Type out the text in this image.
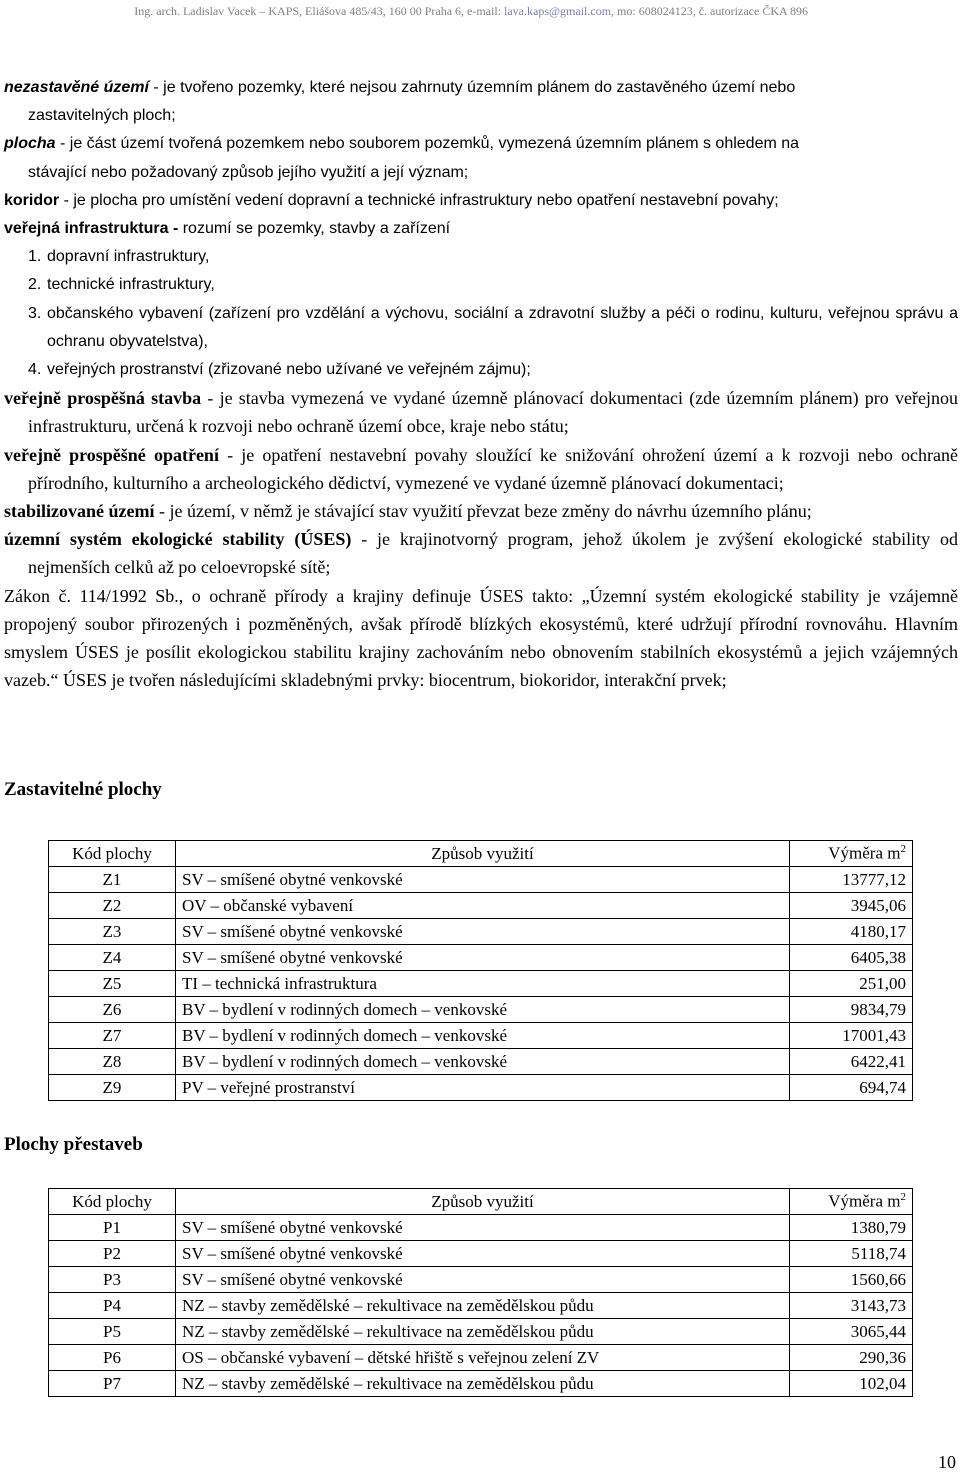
Ing. arch. Ladislav Vacek – KAPS, Eliášova 485/43, 160 00 Praha 6, e-mail: lava.kaps@gmail.com, mo: 608024123, č. autorizace ČKA 896

nezastavěné území - je tvořeno pozemky, které nejsou zahrnuty územním plánem do zastavěného území nebo

zastavitelných ploch;

plocha - je část území tvořená pozemkem nebo souborem pozemků, vymezená územním plánem s ohledem na

stávající nebo požadovaný způsob jejího využití a její význam;

koridor - je plocha pro umístění vedení dopravní a technické infrastruktury nebo opatření nestavební povahy;

veřejná infrastruktura - rozumí se pozemky, stavby a zařízení

1. dopravní infrastruktury,

2. technické infrastruktury,

3. občanského vybavení (zařízení pro vzdělání a výchovu, sociální a zdravotní služby a péči o rodinu, kulturu, veřejnou správu a ochranu obyvatelstva),

4. veřejných prostranství (zřizované nebo užívané ve veřejném zájmu);

veřejně prospěšná stavba - je stavba vymezená ve vydané územně plánovací dokumentaci (zde územním plánem) pro veřejnou infrastrukturu, určená k rozvoji nebo ochraně území obce, kraje nebo státu;

veřejně prospěšné opatření - je opatření nestavební povahy sloužící ke snižování ohrožení území a k rozvoji nebo ochraně přírodního, kulturního a archeologického dědictví, vymezené ve vydané územně plánovací dokumentaci;

stabilizované území - je území, v němž je stávající stav využití převzat beze změny do návrhu územního plánu;

územní systém ekologické stability (ÚSES) - je krajinotvorný program, jehož úkolem je zvýšení ekologické stability od nejmenších celků až po celoevropské sítě;

Zákon č. 114/1992 Sb., o ochraně přírody a krajiny definuje ÚSES takto: „Územní systém ekologické stability je vzájemně propojený soubor přirozených i pozměněných, avšak přírodě blízkých ekosystémů, které udržují přírodní rovnováhu. Hlavním smyslem ÚSES je posílit ekologickou stabilitu krajiny zachováním nebo obnovením stabilních ekosystémů a jejich vzájemných vazeb.“ ÚSES je tvořen následujícími skladebnými prvky: biocentrum, biokoridor, interakční prvek;

Zastavitelné plochy
Kód plochy	Způsob využití	Výměra $m^2$
Z1	SV – smíšené obytné venkovské	13777,12
Z2	OV – občanské vybavení	3945,06
Z3	SV – smíšené obytné venkovské	4180,17
Z4	SV – smíšené obytné venkovské	6405,38
Z5	TI – technická infrastruktura	251,00
Z6	BV – bydlení v rodinných domech – venkovské	9834,79
Z7	BV – bydlení v rodinných domech – venkovské	17001,43
Z8	BV – bydlení v rodinných domech – venkovské	6422,41
Z9	PV – veřejné prostranství	694,74
Plochy přestaveb
Kód plochy	Způsob využití	Výměra $m^2$
P1	SV – smíšené obytné venkovské	1380,79
P2	SV – smíšené obytné venkovské	5118,74
P3	SV – smíšené obytné venkovské	1560,66
P4	NZ – stavby zemědělské – rekultivace na zemědělskou půdu	3143,73
P5	NZ – stavby zemědělské – rekultivace na zemědělskou půdu	3065,44
P6	OS – občanské vybavení – dětské hřiště s veřejnou zelení ZV	290,36
P7	NZ – stavby zemědělské – rekultivace na zemědělskou půdu	102,04
10
